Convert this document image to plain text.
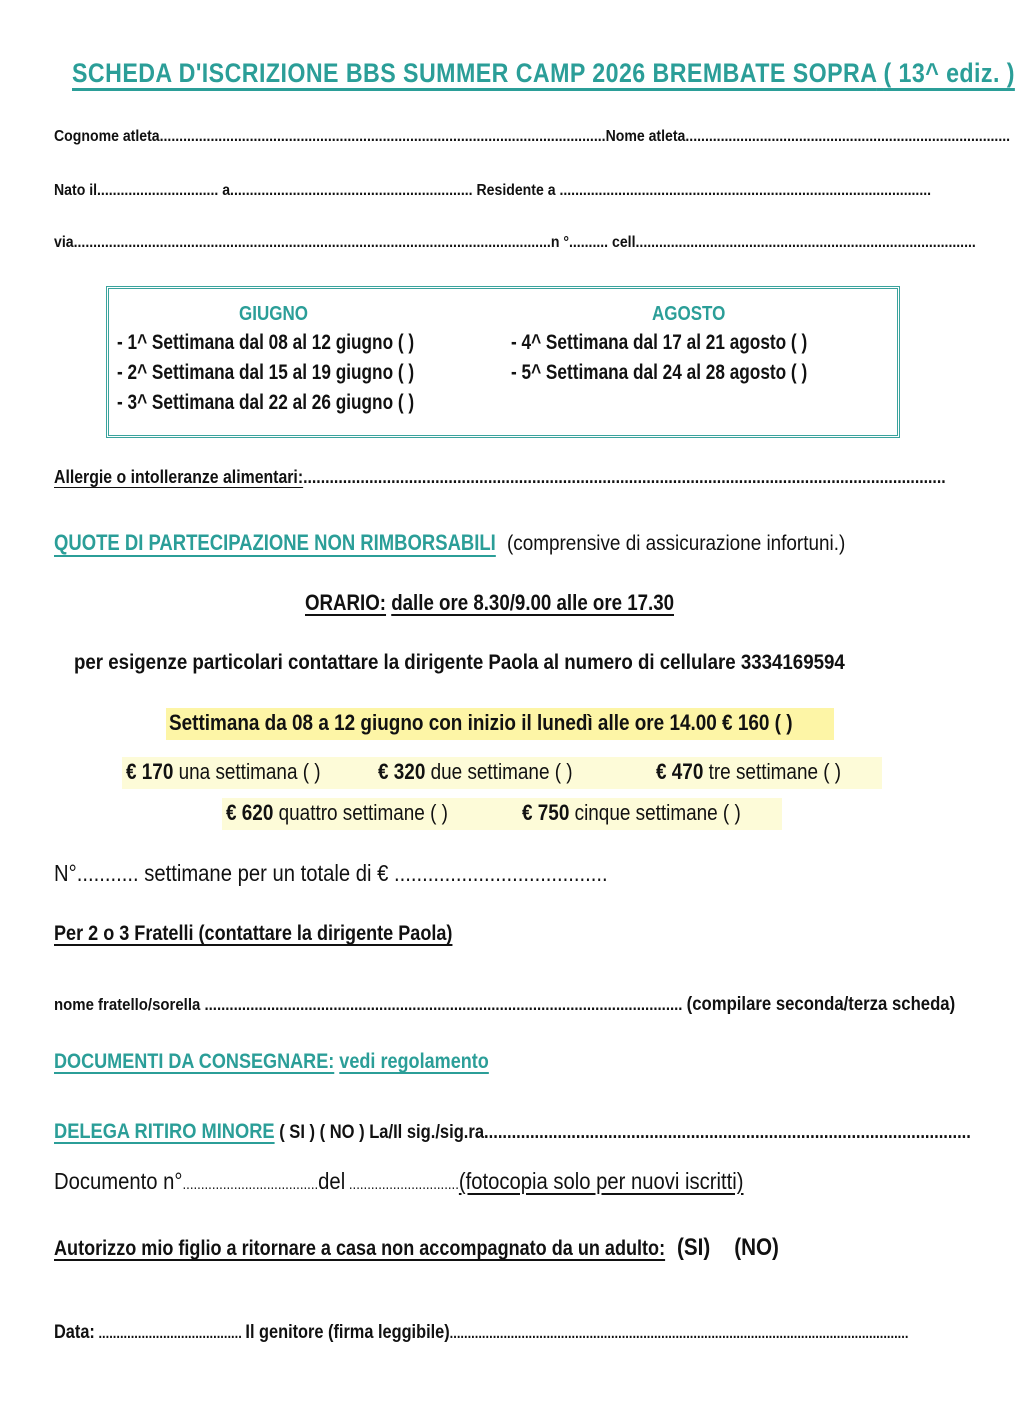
SCHEDA D'ISCRIZIONE BBS SUMMER CAMP 2026 BREMBATE SOPRA ( 13^ ediz. )
Cognome atleta..................................................................................................................Nome atleta...................................................................................
Nato il............................... a.............................................................. Residente a ...............................................................................................
via..........................................................................................................................n °.......... cell.......................................................................................
GIUGNO	AGOSTO
- 1^ Settimana dal 08 al 12 giugno ( )
- 2^ Settimana dal 15 al 19 giugno ( )
- 3^ Settimana dal 22 al 26 giugno ( )
- 4^ Settimana dal 17 al 21 agosto ( )
- 5^ Settimana dal 24 al 28 agosto ( )
Allergie o intolleranze alimentari:..................................................................................................................................................
QUOTE DI PARTECIPAZIONE NON RIMBORSABILI (comprensive di assicurazione infortuni.)
ORARIO: dalle ore 8.30/9.00 alle ore 17.30
per esigenze particolari contattare la dirigente Paola al numero di cellulare 3334169594
Settimana da 08 a 12 giugno con inizio il lunedì alle ore 14.00 € 160 ( )
€ 170 una settimana ( )	€ 320 due settimane ( )	€ 470 tre settimane ( )
€ 620 quattro settimane ( )	€ 750 cinque settimane ( )
N°........... settimane per un totale di € ......................................
Per 2 o 3 Fratelli (contattare la dirigente Paola)
nome fratello/sorella ................................................................................................................... (compilare seconda/terza scheda)
DOCUMENTI DA CONSEGNARE: vedi regolamento
DELEGA RITIRO MINORE ( SI ) ( NO ) La/Il sig./sig.ra..........................................................................................................
Documento n°.....................................del ..............................(fotocopia solo per nuovi iscritti)
Autorizzo mio figlio a ritornare a casa non accompagnato da un adulto: (SI) (NO)
Data: ........................................ Il genitore (firma leggibile)................................................................................................................................
